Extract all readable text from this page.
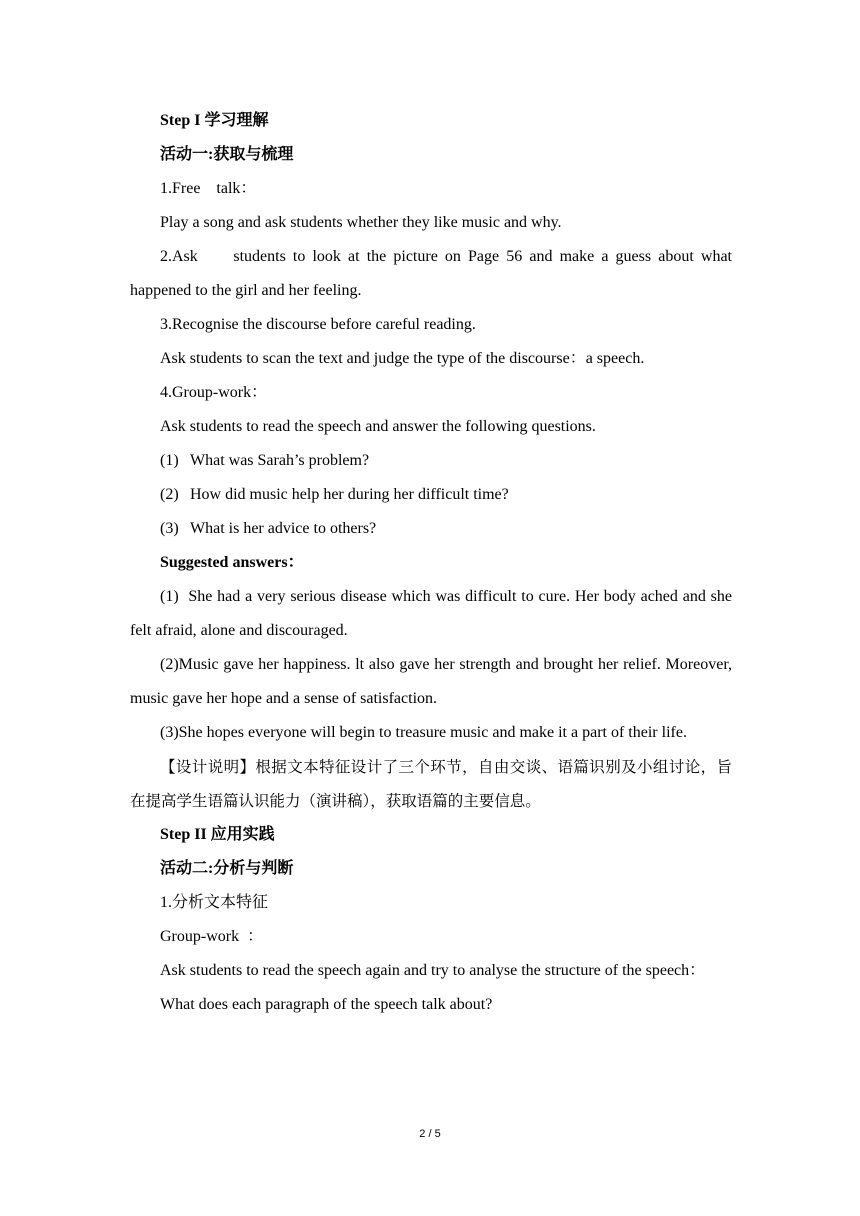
Step I 学习理解

活动一:获取与梳理

1.Free    talk：

Play a song and ask students whether they like music and why.

2.Ask     students to look at the picture on Page 56 and make a guess about what happened to the girl and her feeling.

3.Recognise the discourse before careful reading.

Ask students to scan the text and judge the type of the discourse：a speech.

4.Group-work：

Ask students to read the speech and answer the following questions.

(1) What was Sarah’s problem?

(2) How did music help her during her difficult time?

(3) What is her advice to others?

Suggested answers：

(1)  She had a very serious disease which was difficult to cure. Her body ached and she felt afraid, alone and discouraged.

(2)Music gave her happiness. lt also gave her strength and brought her relief. Moreover, music gave her hope and a sense of satisfaction.

(3)She hopes everyone will begin to treasure music and make it a part of their life.

【设计说明】根据文本特征设计了三个环节，自由交谈、语篇识别及小组讨论，旨在提高学生语篇认识能力（演讲稿），获取语篇的主要信息。

Step II 应用实践

活动二:分析与判断

1.分析文本特征

Group-work  ：

Ask students to read the speech again and try to analyse the structure of the speech：

What does each paragraph of the speech talk about?

2 / 5
